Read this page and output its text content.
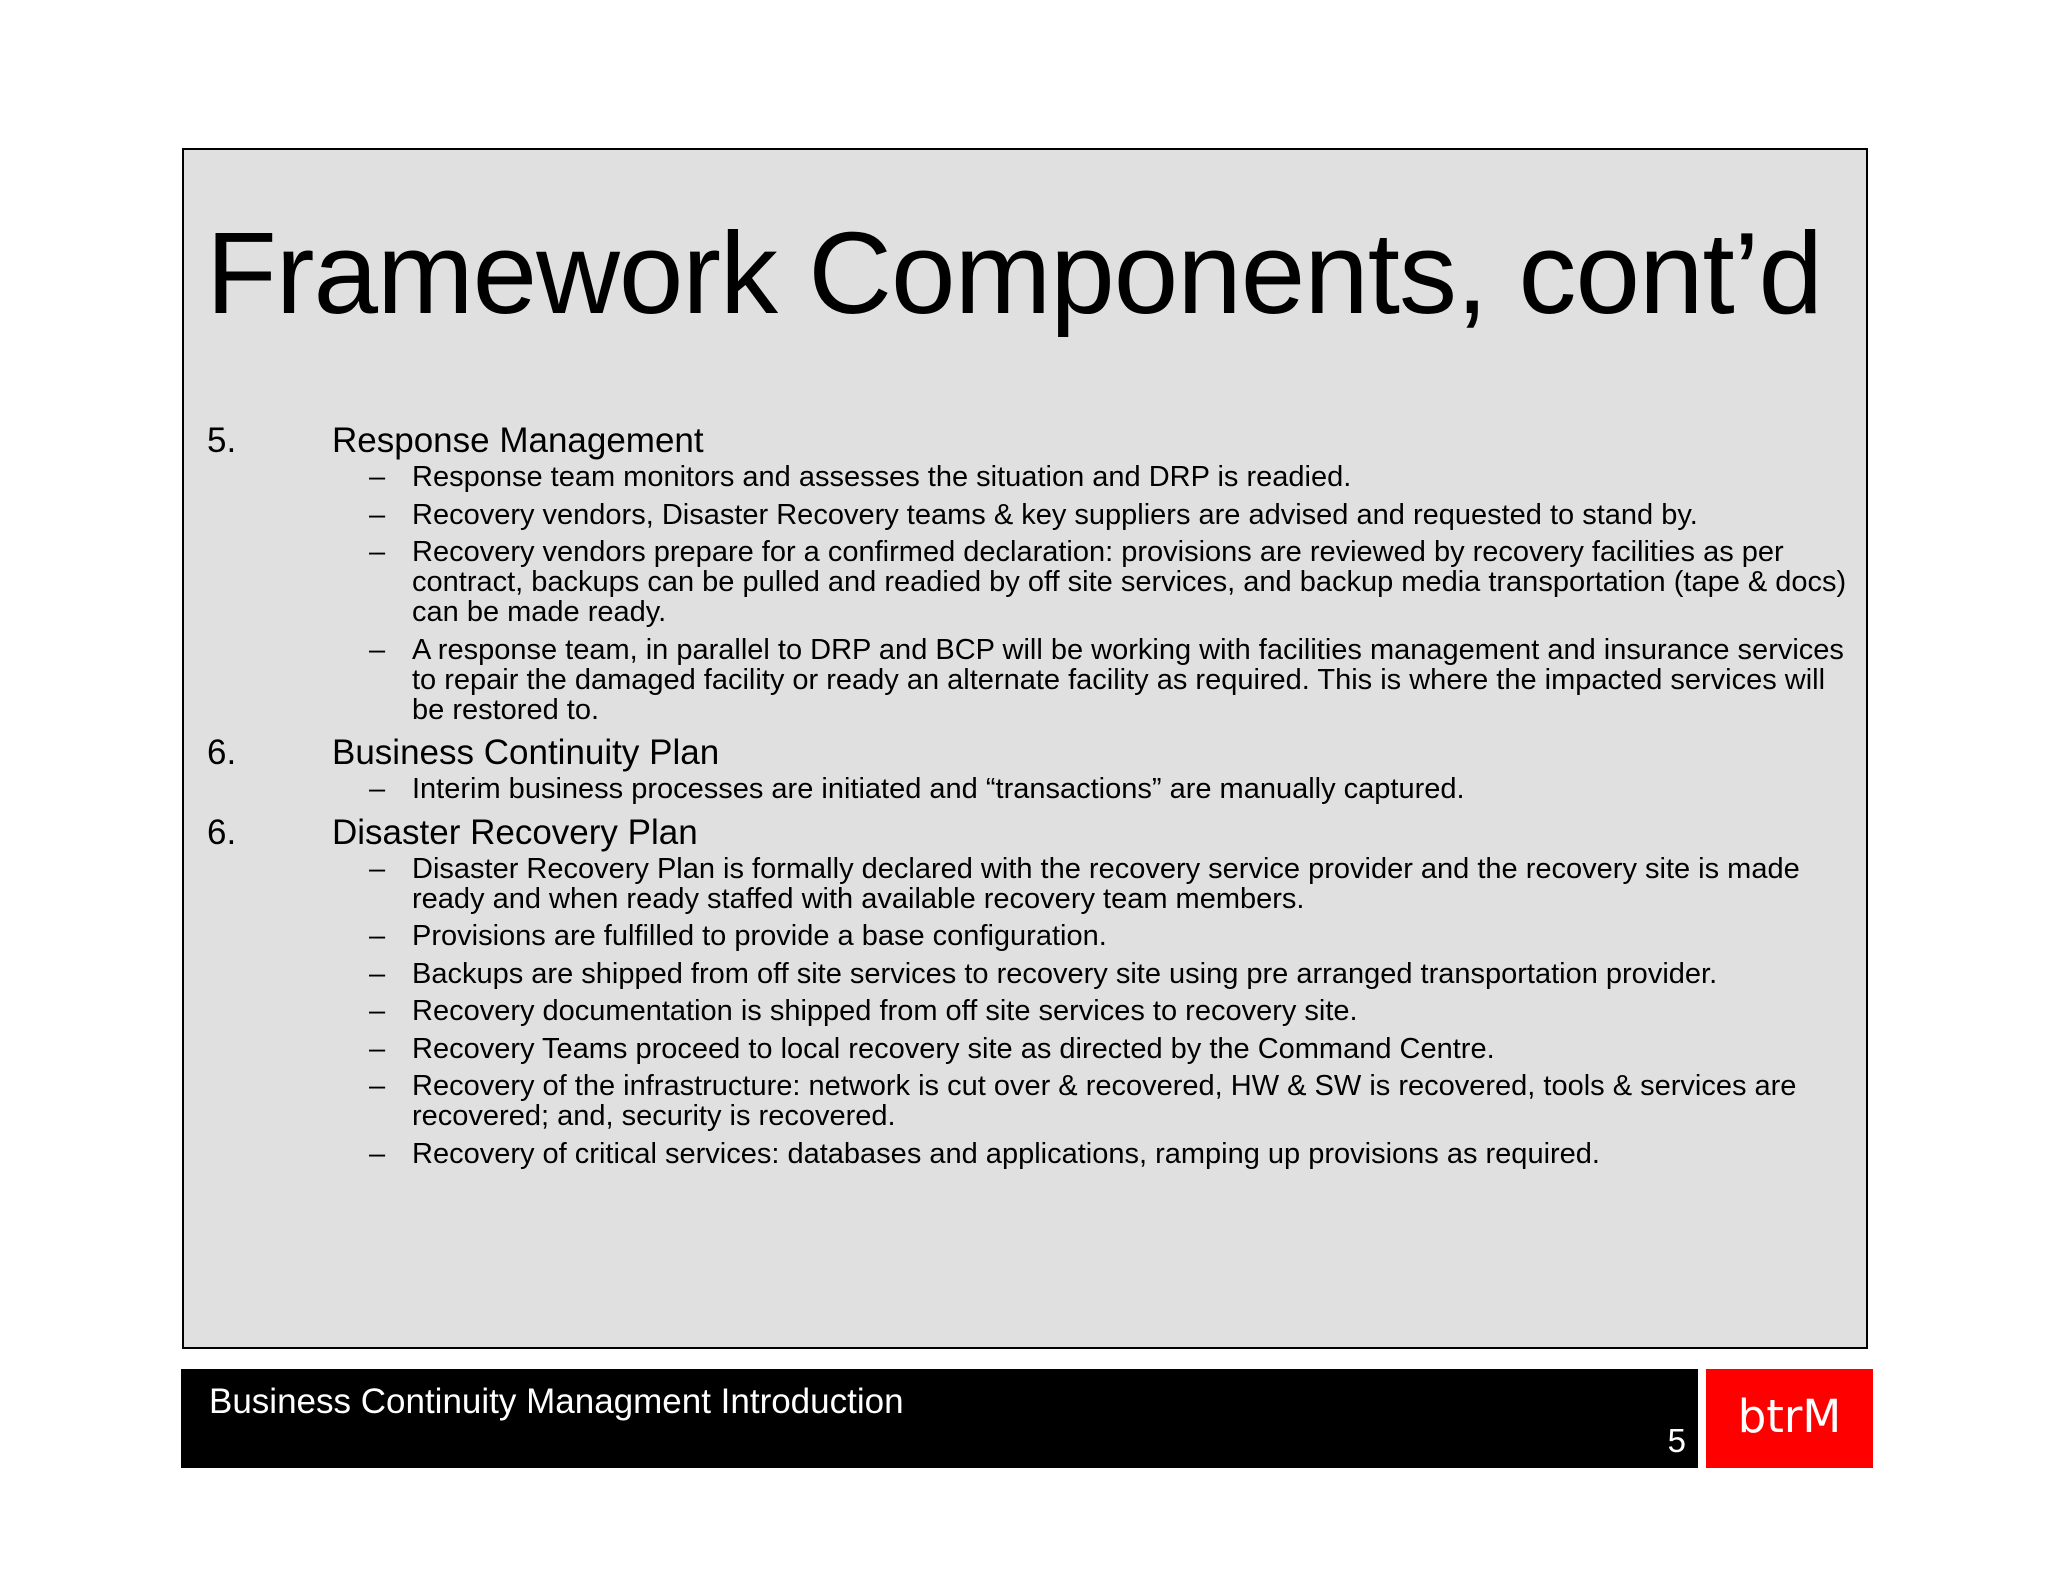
Framework Components, cont’d
5.	Response Management
– Response team monitors and assesses the situation and DRP is readied.
– Recovery vendors, Disaster Recovery teams & key suppliers are advised and requested to stand by.
– Recovery vendors prepare for a confirmed declaration: provisions are reviewed by recovery facilities as per contract, backups can be pulled and readied by off site services, and backup media transportation (tape & docs) can be made ready.
– A response team, in parallel to DRP and BCP will be working with facilities management and insurance services to repair the damaged facility or ready an alternate facility as required. This is where the impacted services will be restored to.
6.	Business Continuity Plan
– Interim business processes are initiated and “transactions” are manually captured.
6.	Disaster Recovery Plan
– Disaster Recovery Plan is formally declared with the recovery service provider and the recovery site is made ready and when ready staffed with available recovery team members.
– Provisions are fulfilled to provide a base configuration.
– Backups are shipped from off site services to recovery site using pre arranged transportation provider.
– Recovery documentation is shipped from off site services to recovery site.
– Recovery Teams proceed to local recovery site as directed by the Command Centre.
– Recovery of the infrastructure: network is cut over & recovered, HW & SW is recovered, tools & services are recovered; and, security is recovered.
– Recovery of critical services: databases and applications, ramping up provisions as required.
Business Continuity Managment Introduction
5 btrM
